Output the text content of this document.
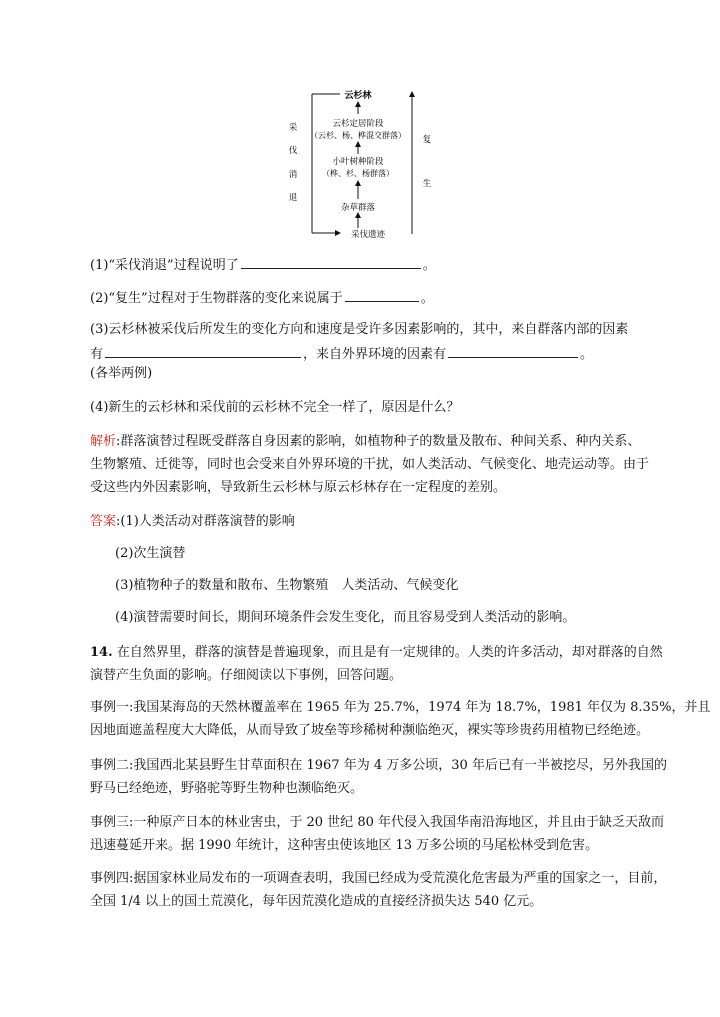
云杉林
云杉定居阶段
（云杉、杨、桦混交群落）
小叶树种阶段
（桦、杉、杨群落）
杂草群落
采伐遗迹
采
伐
消
退
复
生
(1)“采伐消退”过程说明了	。
(2)“复生”过程对于生物群落的变化来说属于	。
(3)云杉林被采伐后所发生的变化方向和速度是受许多因素影响的，其中，来自群落内部的因素
有	，来自外界环境的因素有	。
(各举两例)
(4)新生的云杉林和采伐前的云杉林不完全一样了，原因是什么？
解析:群落演替过程既受群落自身因素的影响，如植物种子的数量及散布、种间关系、种内关系、
生物繁殖、迁徙等，同时也会受来自外界环境的干扰，如人类活动、气候变化、地壳运动等。由于
受这些内外因素影响，导致新生云杉林与原云杉林存在一定程度的差别。
答案:(1)人类活动对群落演替的影响
(2)次生演替
(3)植物种子的数量和散布、生物繁殖　人类活动、气候变化
(4)演替需要时间长，期间环境条件会发生变化，而且容易受到人类活动的影响。
14. 在自然界里，群落的演替是普遍现象，而且是有一定规律的。人类的许多活动，却对群落的自然
演替产生负面的影响。仔细阅读以下事例，回答问题。
事例一:我国某海岛的天然林覆盖率在 1965 年为 25.7%，1974 年为 18.7%，1981 年仅为 8.35%，并且
因地面遮盖程度大大降低，从而导致了坡垒等珍稀树种濒临绝灭，裸实等珍贵药用植物已经绝迹。
事例二:我国西北某县野生甘草面积在 1967 年为 4 万多公顷，30 年后已有一半被挖尽，另外我国的
野马已经绝迹，野骆驼等野生物种也濒临绝灭。
事例三:一种原产日本的林业害虫，于 20 世纪 80 年代侵入我国华南沿海地区，并且由于缺乏天敌而
迅速蔓延开来。据 1990 年统计，这种害虫使该地区 13 万多公顷的马尾松林受到危害。
事例四:据国家林业局发布的一项调查表明，我国已经成为受荒漠化危害最为严重的国家之一，目前，
全国 1/4 以上的国土荒漠化，每年因荒漠化造成的直接经济损失达 540 亿元。
